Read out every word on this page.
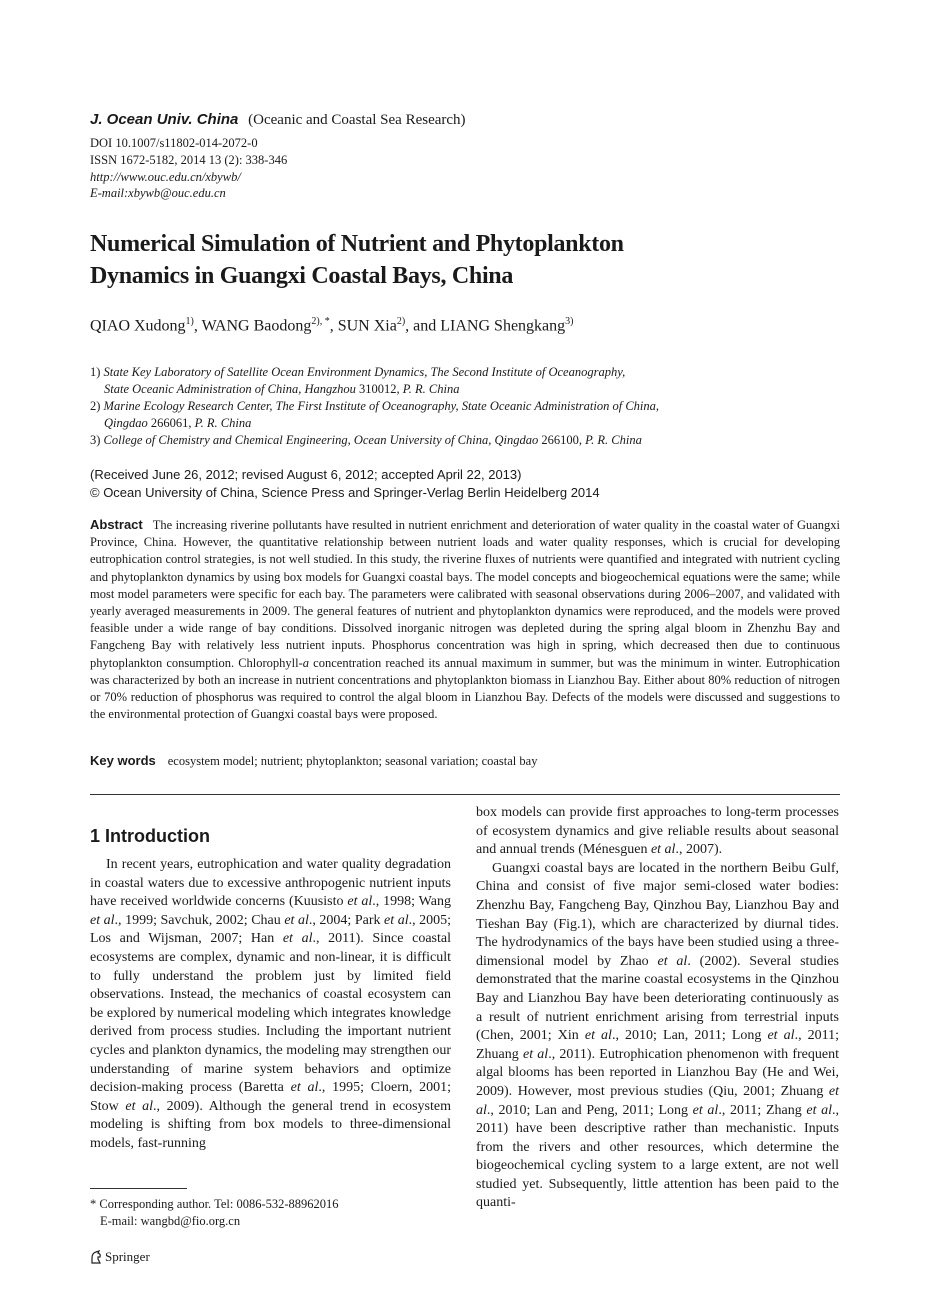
J. Ocean Univ. China (Oceanic and Coastal Sea Research)
DOI 10.1007/s11802-014-2072-0
ISSN 1672-5182, 2014 13 (2): 338-346
http://www.ouc.edu.cn/xbywb/
E-mail:xbywb@ouc.edu.cn
Numerical Simulation of Nutrient and Phytoplankton
Dynamics in Guangxi Coastal Bays, China
QIAO Xudong$^{1)}$, WANG Baodong$^{2), *}$, SUN Xia$^{2)}$, and LIANG Shengkang$^{3)}$
1) State Key Laboratory of Satellite Ocean Environment Dynamics, The Second Institute of Oceanography,
State Oceanic Administration of China, Hangzhou 310012, P. R. China
2) Marine Ecology Research Center, The First Institute of Oceanography, State Oceanic Administration of China,
Qingdao 266061, P. R. China
3) College of Chemistry and Chemical Engineering, Ocean University of China, Qingdao 266100, P. R. China
(Received June 26, 2012; revised August 6, 2012; accepted April 22, 2013)
© Ocean University of China, Science Press and Springer-Verlag Berlin Heidelberg 2014
Abstract The increasing riverine pollutants have resulted in nutrient enrichment and deterioration of water quality in the coastal water of Guangxi Province, China. However, the quantitative relationship between nutrient loads and water quality responses, which is crucial for developing eutrophication control strategies, is not well studied. In this study, the riverine fluxes of nutrients were quantified and integrated with nutrient cycling and phytoplankton dynamics by using box models for Guangxi coastal bays. The model concepts and biogeochemical equations were the same; while most model parameters were specific for each bay. The parameters were calibrated with seasonal observations during 2006–2007, and validated with yearly averaged measurements in 2009. The general features of nutrient and phytoplankton dynamics were reproduced, and the models were proved feasible under a wide range of bay conditions. Dissolved inorganic nitrogen was depleted during the spring algal bloom in Zhenzhu Bay and Fangcheng Bay with relatively less nutrient inputs. Phosphorus concentration was high in spring, which decreased then due to continuous phytoplankton consumption. Chlorophyll-a concentration reached its annual maximum in summer, but was the minimum in winter. Eutrophication was characterized by both an increase in nutrient concentrations and phytoplankton biomass in Lianzhou Bay. Either about 80% reduction of nitrogen or 70% reduction of phosphorus was required to control the algal bloom in Lianzhou Bay. Defects of the models were discussed and suggestions to the environmental protection of Guangxi coastal bays were proposed.
Key words ecosystem model; nutrient; phytoplankton; seasonal variation; coastal bay
1 Introduction

In recent years, eutrophication and water quality degradation in coastal waters due to excessive anthropogenic nutrient inputs have received worldwide concerns (Kuusisto et al., 1998; Wang et al., 1999; Savchuk, 2002; Chau et al., 2004; Park et al., 2005; Los and Wijsman, 2007; Han et al., 2011). Since coastal ecosystems are complex, dynamic and non-linear, it is difficult to fully understand the problem just by limited field observations. Instead, the mechanics of coastal ecosystem can be explored by numerical modeling which integrates knowledge derived from process studies. Including the important nutrient cycles and plankton dynamics, the modeling may strengthen our understanding of marine system behaviors and optimize decision-making process (Baretta et al., 1995; Cloern, 2001; Stow et al., 2009). Although the general trend in ecosystem modeling is shifting from box models to three-dimensional models, fast-running

box models can provide first approaches to long-term processes of ecosystem dynamics and give reliable results about seasonal and annual trends (Ménesguen et al., 2007).

Guangxi coastal bays are located in the northern Beibu Gulf, China and consist of five major semi-closed water bodies: Zhenzhu Bay, Fangcheng Bay, Qinzhou Bay, Lianzhou Bay and Tieshan Bay (Fig.1), which are characterized by diurnal tides. The hydrodynamics of the bays have been studied using a three-dimensional model by Zhao et al. (2002). Several studies demonstrated that the marine coastal ecosystems in the Qinzhou Bay and Lianzhou Bay have been deteriorating continuously as a result of nutrient enrichment arising from terrestrial inputs (Chen, 2001; Xin et al., 2010; Lan, 2011; Long et al., 2011; Zhuang et al., 2011). Eutrophication phenomenon with frequent algal blooms has been reported in Lianzhou Bay (He and Wei, 2009). However, most previous studies (Qiu, 2001; Zhuang et al., 2010; Lan and Peng, 2011; Long et al., 2011; Zhang et al., 2011) have been descriptive rather than mechanistic. Inputs from the rivers and other resources, which determine the biogeochemical cycling system to a large extent, are not well studied yet. Subsequently, little attention has been paid to the quanti-

* Corresponding author. Tel: 0086-532-88962016
E-mail: wangbd@fio.org.cn
Springer
